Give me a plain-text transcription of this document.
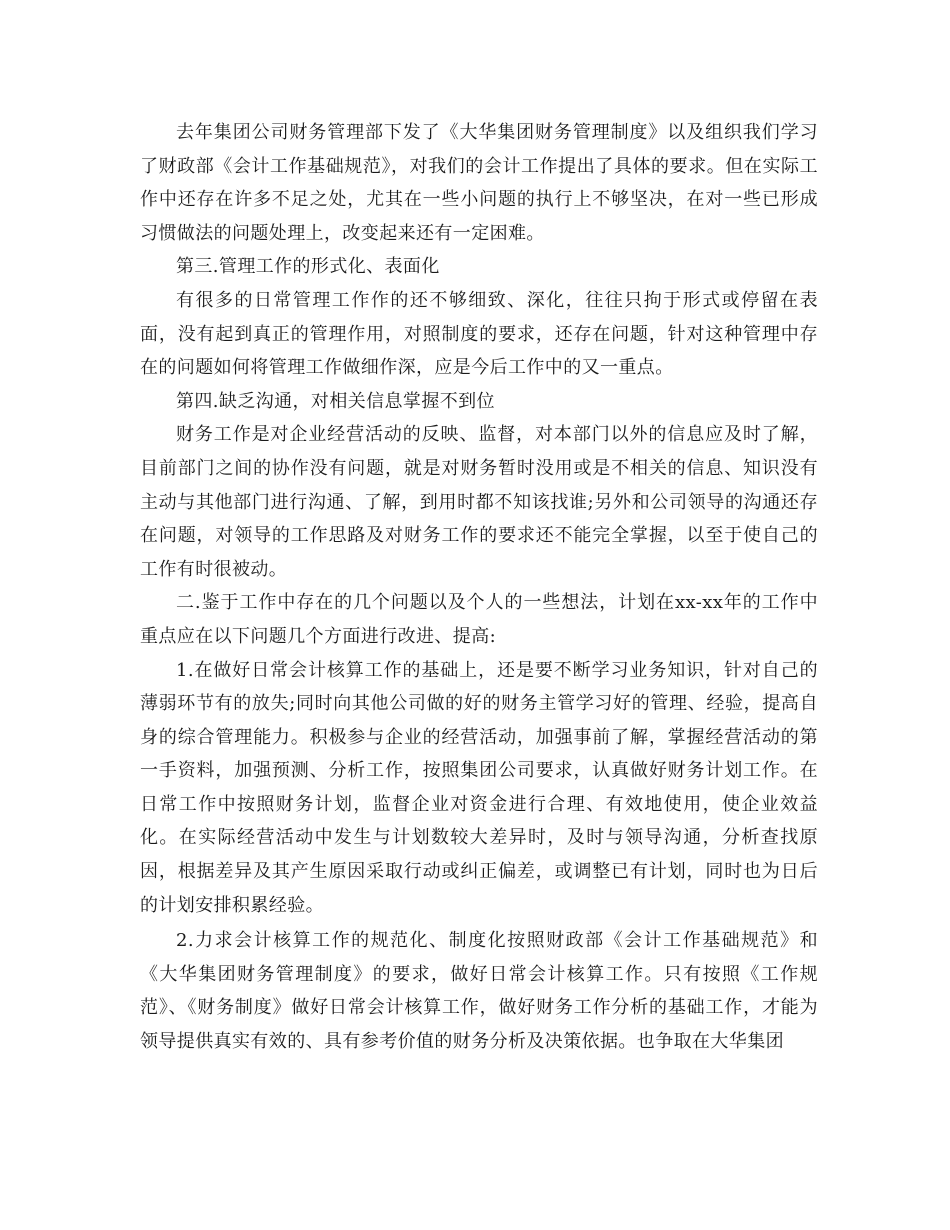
去年集团公司财务管理部下发了《大华集团财务管理制度》以及组织我们学习了财政部《会计工作基础规范》，对我们的会计工作提出了具体的要求。但在实际工作中还存在许多不足之处，尤其在一些小问题的执行上不够坚决，在对一些已形成习惯做法的问题处理上，改变起来还有一定困难。

第三.管理工作的形式化、表面化

有很多的日常管理工作作的还不够细致、深化，往往只拘于形式或停留在表面，没有起到真正的管理作用，对照制度的要求，还存在问题，针对这种管理中存在的问题如何将管理工作做细作深，应是今后工作中的又一重点。

第四.缺乏沟通，对相关信息掌握不到位

财务工作是对企业经营活动的反映、监督，对本部门以外的信息应及时了解，目前部门之间的协作没有问题，就是对财务暂时没用或是不相关的信息、知识没有主动与其他部门进行沟通、了解，到用时都不知该找谁;另外和公司领导的沟通还存在问题，对领导的工作思路及对财务工作的要求还不能完全掌握，以至于使自己的工作有时很被动。

二.鉴于工作中存在的几个问题以及个人的一些想法，计划在xx-xx年的工作中重点应在以下问题几个方面进行改进、提高:

1.在做好日常会计核算工作的基础上，还是要不断学习业务知识，针对自己的薄弱环节有的放失;同时向其他公司做的好的财务主管学习好的管理、经验，提高自身的综合管理能力。积极参与企业的经营活动，加强事前了解，掌握经营活动的第一手资料，加强预测、分析工作，按照集团公司要求，认真做好财务计划工作。在日常工作中按照财务计划，监督企业对资金进行合理、有效地使用，使企业效益化。在实际经营活动中发生与计划数较大差异时，及时与领导沟通，分析查找原因，根据差异及其产生原因采取行动或纠正偏差，或调整已有计划，同时也为日后的计划安排积累经验。

2.力求会计核算工作的规范化、制度化按照财政部《会计工作基础规范》和《大华集团财务管理制度》的要求，做好日常会计核算工作。只有按照《工作规范》、《财务制度》做好日常会计核算工作，做好财务工作分析的基础工作，才能为领导提供真实有效的、具有参考价值的财务分析及决策依据。也争取在大华集团
